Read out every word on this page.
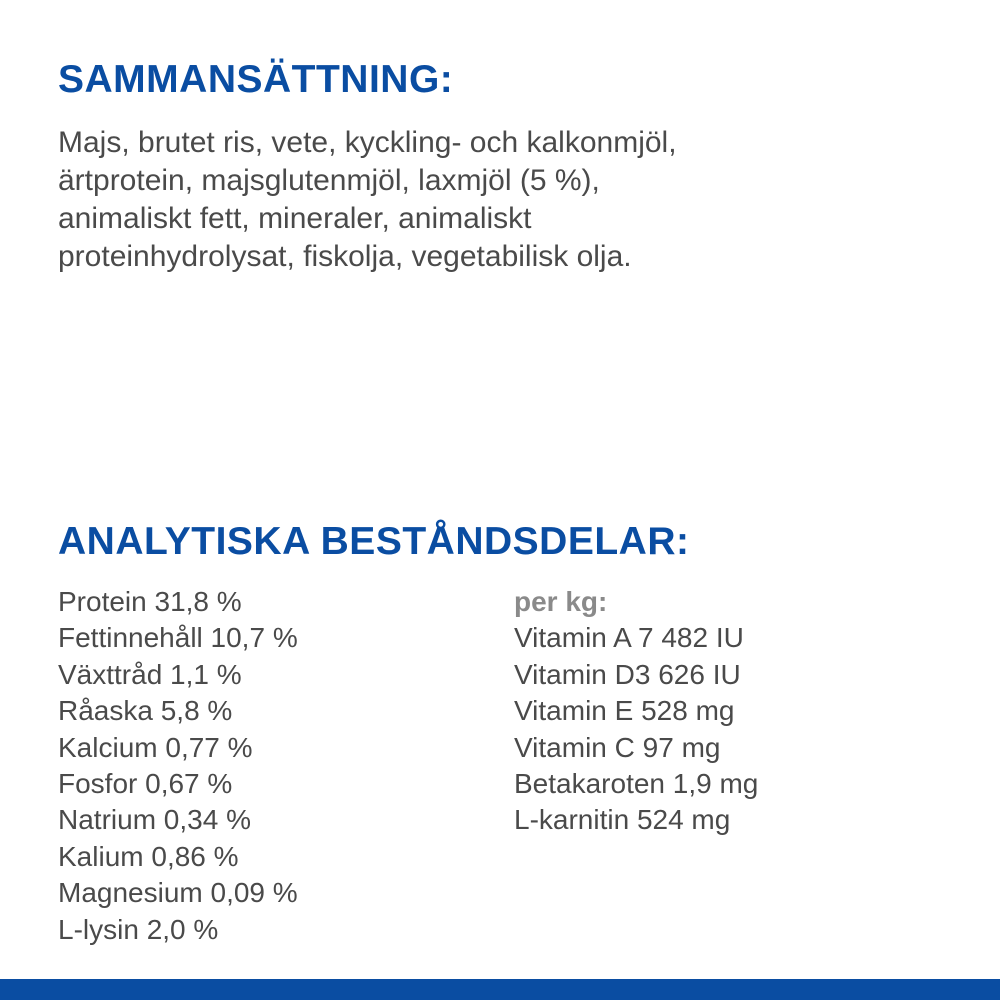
SAMMANSÄTTNING:

Majs, brutet ris, vete, kyckling- och kalkonmjöl,
ärtprotein, majsglutenmjöl, laxmjöl (5 %),
animaliskt fett, mineraler, animaliskt
proteinhydrolysat, fiskolja, vegetabilisk olja.

ANALYTISKA BESTÅNDSDELAR:
Protein 31,8 %
Fettinnehåll 10,7 %
Växttråd 1,1 %
Råaska 5,8 %
Kalcium 0,77 %
Fosfor 0,67 %
Natrium 0,34 %
Kalium 0,86 %
Magnesium 0,09 %
L-lysin 2,0 %
per kg:
Vitamin A 7 482 IU
Vitamin D3 626 IU
Vitamin E 528 mg
Vitamin C 97 mg
Betakaroten 1,9 mg
L-karnitin 524 mg
